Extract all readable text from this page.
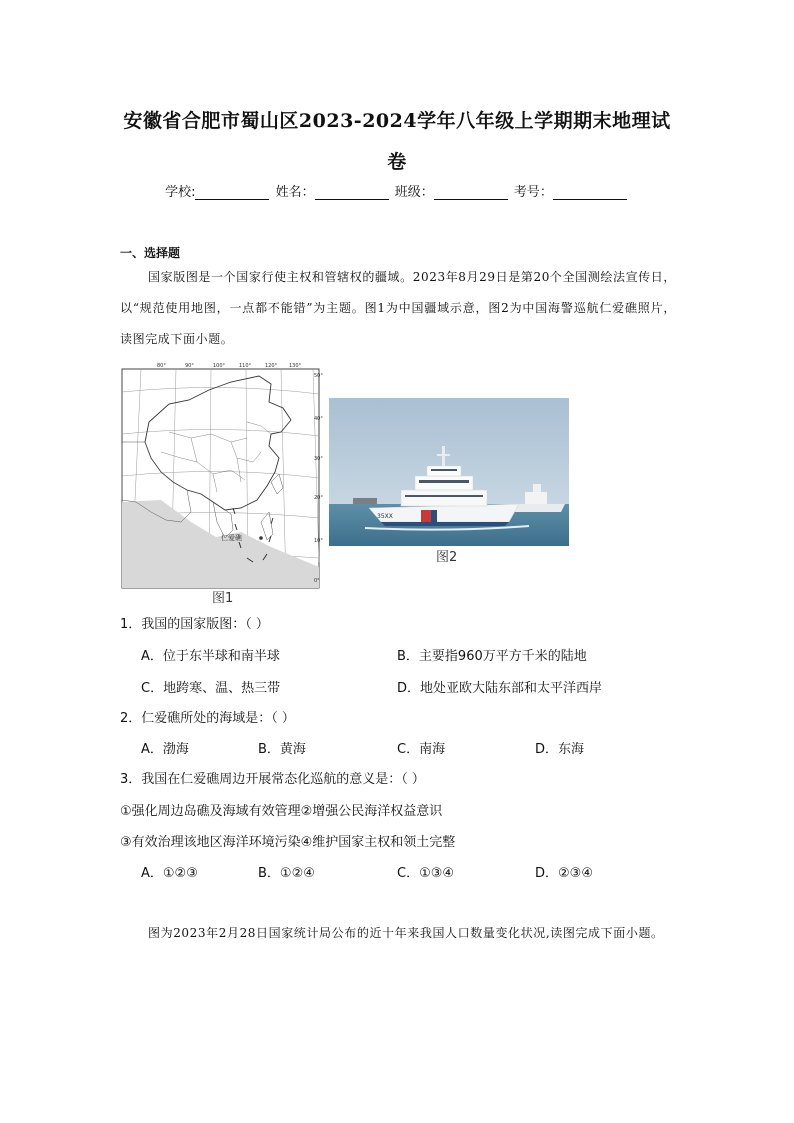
安徽省合肥市蜀山区2023-2024学年八年级上学期期末地理试
卷
学校:	姓名：	班级：	考号：
一、选择题
国家版图是一个国家行使主权和管辖权的疆域。2023年8月29日是第20个全国测绘法宣传日，以“规范使用地图，一点都不能错”为主题。图1为中国疆域示意，图2为中国海警巡航仁爱礁照片，读图完成下面小题。
仁爱礁
80°	90°	100°	110°	120° 130°
50°
40°
30°
20°
10°
0°
图1
35XX
图2
1．我国的国家版图：（ ）
A．位于东半球和南半球	B．主要指960万平方千米的陆地
C．地跨寒、温、热三带	D．地处亚欧大陆东部和太平洋西岸
2．仁爱礁所处的海域是：（ ）
A．渤海	B．黄海	C．南海	D．东海
3．我国在仁爱礁周边开展常态化巡航的意义是：（ ）
①强化周边岛礁及海域有效管理②增强公民海洋权益意识
③有效治理该地区海洋环境污染④维护国家主权和领土完整
A．①②③	B．①②④	C．①③④	D．②③④
图为2023年2月28日国家统计局公布的近十年来我国人口数量变化状况,读图完成下面小题。
